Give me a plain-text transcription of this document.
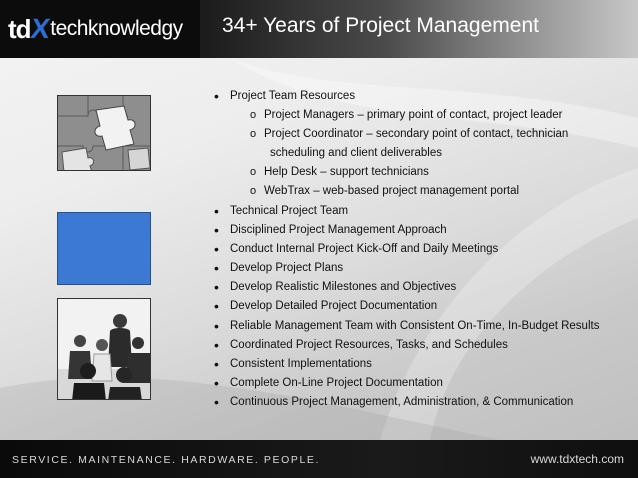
td
X
techknowledgy 34+ Years of Project Management
• Project Team Resources
o Project Managers – primary point of contact, project leader
o Project Coordinator – secondary point of contact, technician
scheduling and client deliverables
o Help Desk – support technicians
o WebTrax – web-based project management portal
• Technical Project Team
• Disciplined Project Management Approach
• Conduct Internal Project Kick-Off and Daily Meetings
• Develop Project Plans
• Develop Realistic Milestones and Objectives
• Develop Detailed Project Documentation
• Reliable Management Team with Consistent On-Time, In-Budget Results
• Coordinated Project Resources, Tasks, and Schedules
• Consistent Implementations
• Complete On-Line Project Documentation
• Continuous Project Management, Administration, & Communication
SERVICE. MAINTENANCE. HARDWARE. PEOPLE.	www.tdxtech.com
